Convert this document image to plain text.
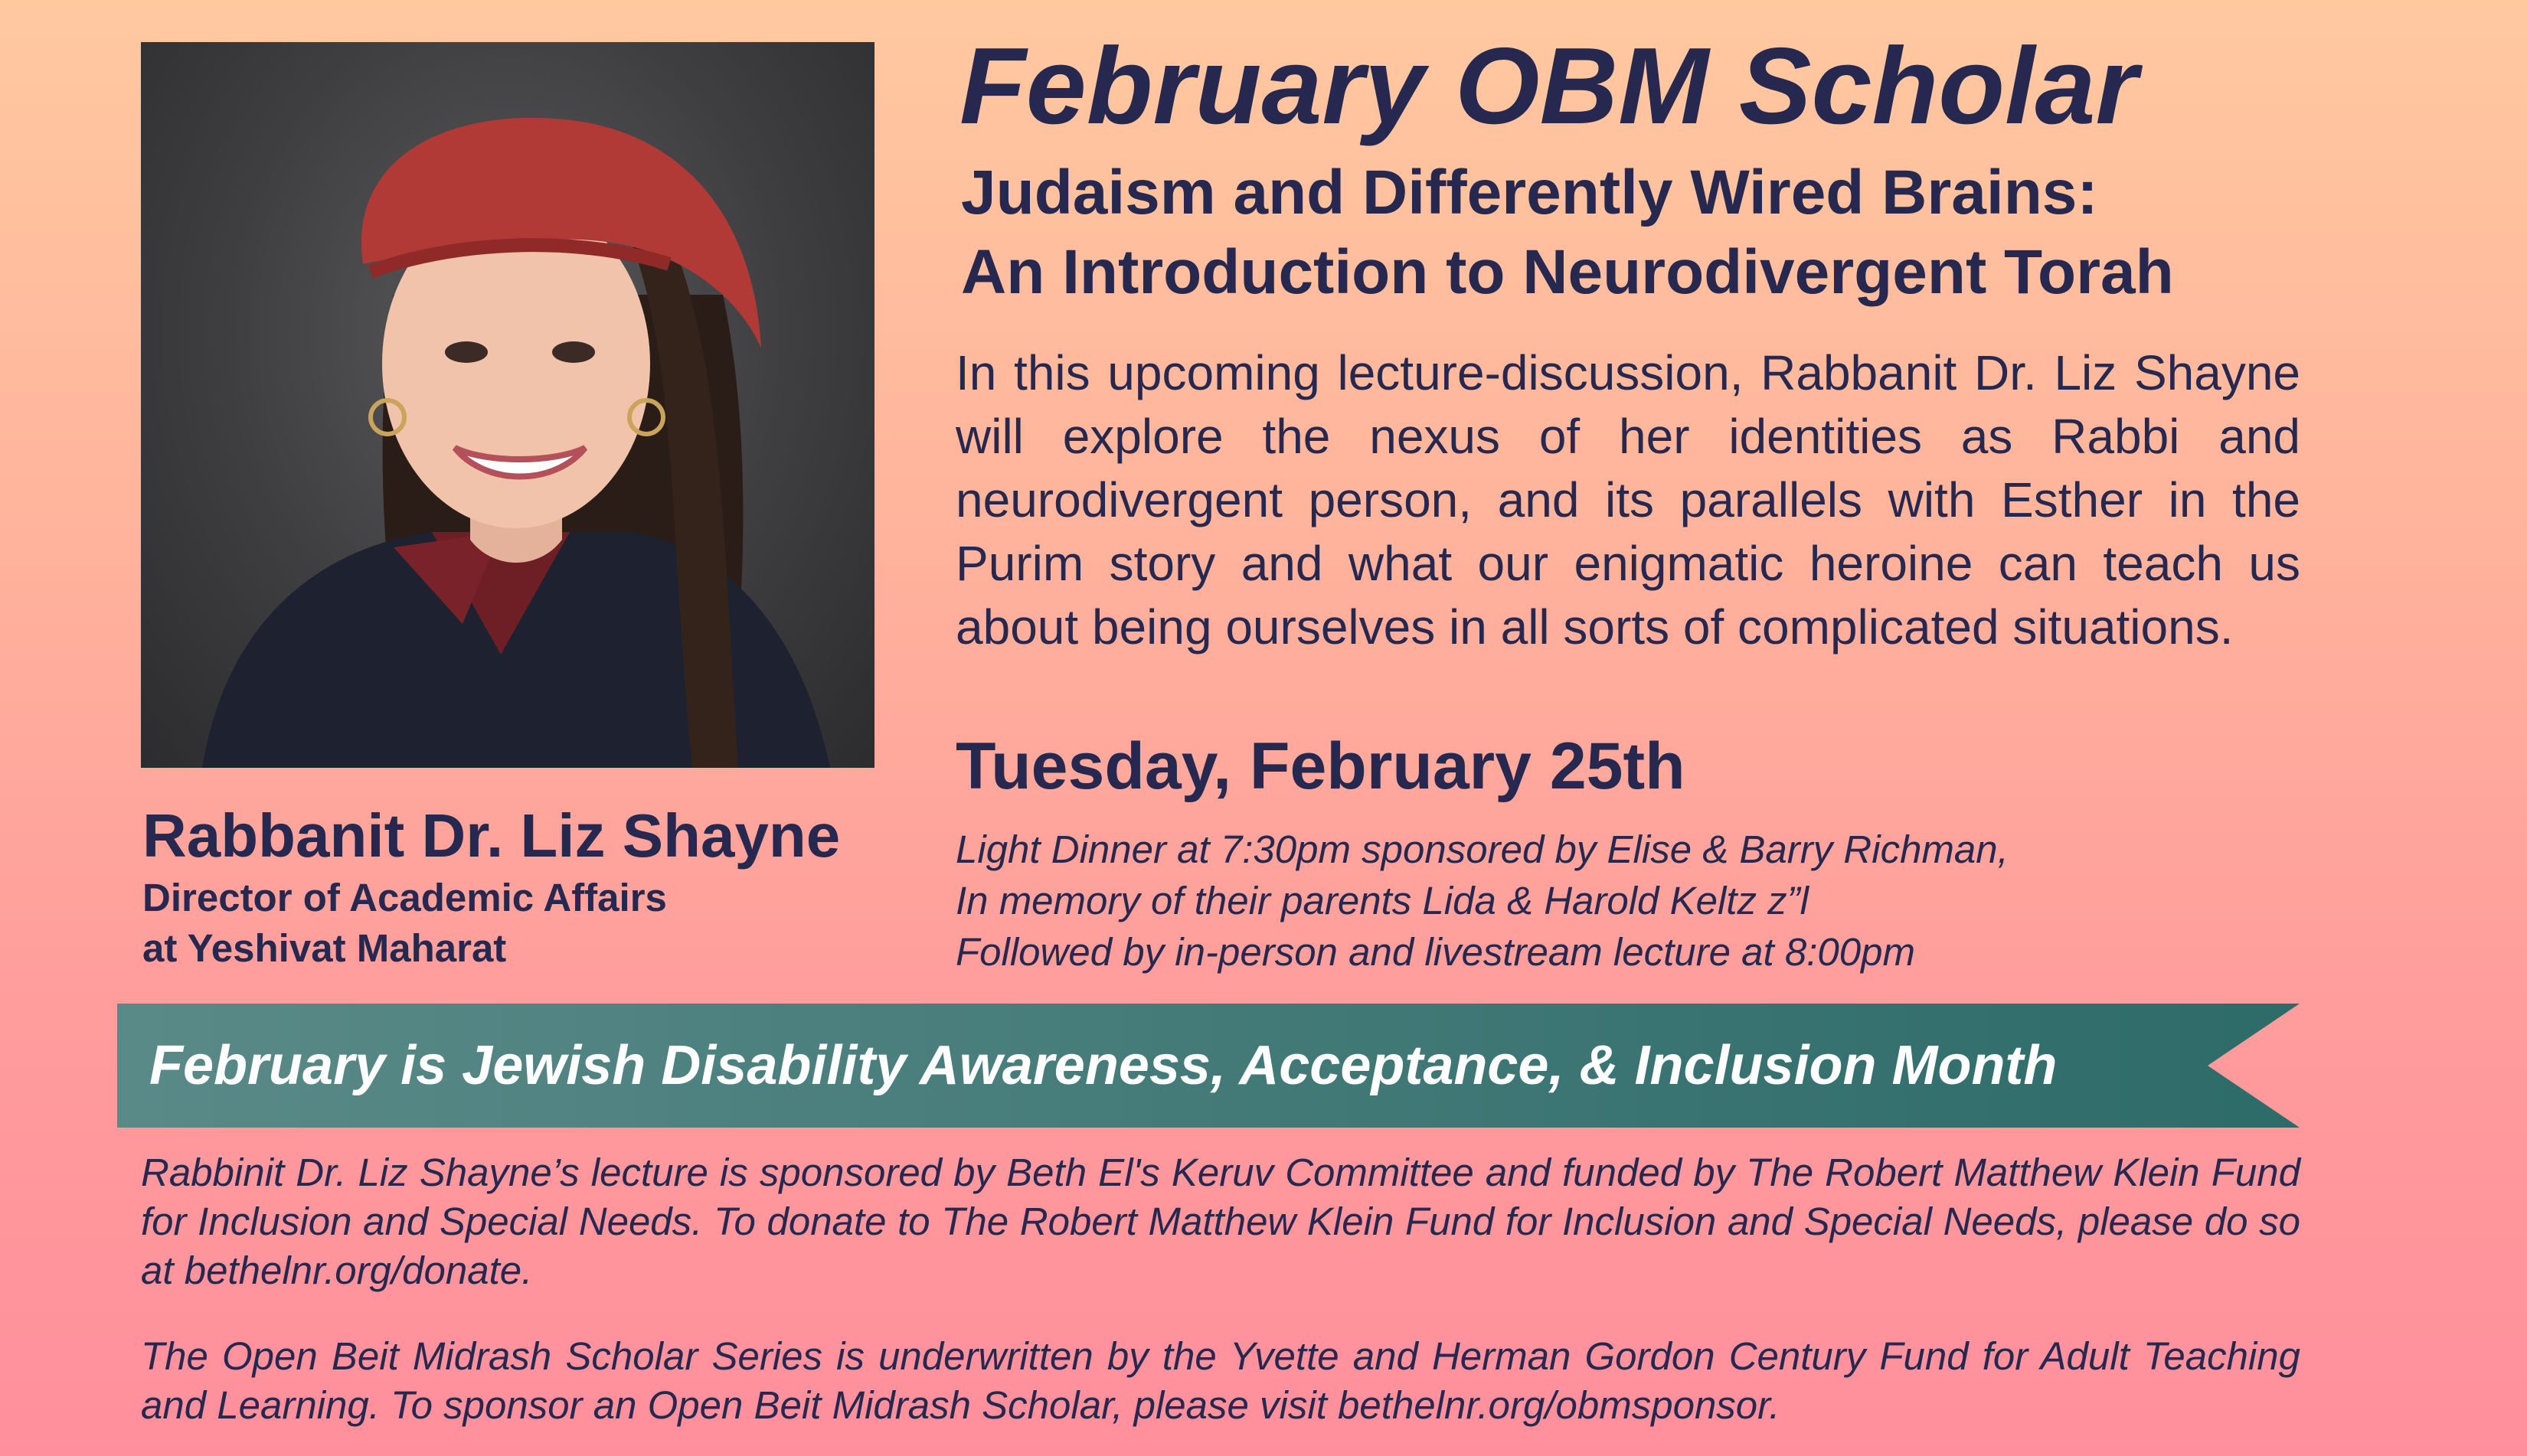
February OBM Scholar
Judaism and Differently Wired Brains:
An Introduction to Neurodivergent Torah

In this upcoming lecture-discussion, Rabbanit Dr. Liz Shayne will explore the nexus of her identities as Rabbi and neurodivergent person, and its parallels with Esther in the Purim story and what our enigmatic heroine can teach us about being ourselves in all sorts of complicated situations.

Tuesday, February 25th
Light Dinner at 7:30pm sponsored by Elise & Barry Richman,
In memory of their parents Lida & Harold Keltz z”l
Followed by in-person and livestream lecture at 8:00pm
Rabbanit Dr. Liz Shayne
Director of Academic Affairs
at Yeshivat Maharat
February is Jewish Disability Awareness, Acceptance, & Inclusion Month

Rabbinit Dr. Liz Shayne’s lecture is sponsored by Beth El's Keruv Committee and funded by The Robert Matthew Klein Fund for Inclusion and Special Needs. To donate to The Robert Matthew Klein Fund for Inclusion and Special Needs, please do so at bethelnr.org/donate.

The Open Beit Midrash Scholar Series is underwritten by the Yvette and Herman Gordon Century Fund for Adult Teaching and Learning. To sponsor an Open Beit Midrash Scholar, please visit bethelnr.org/obmsponsor.
